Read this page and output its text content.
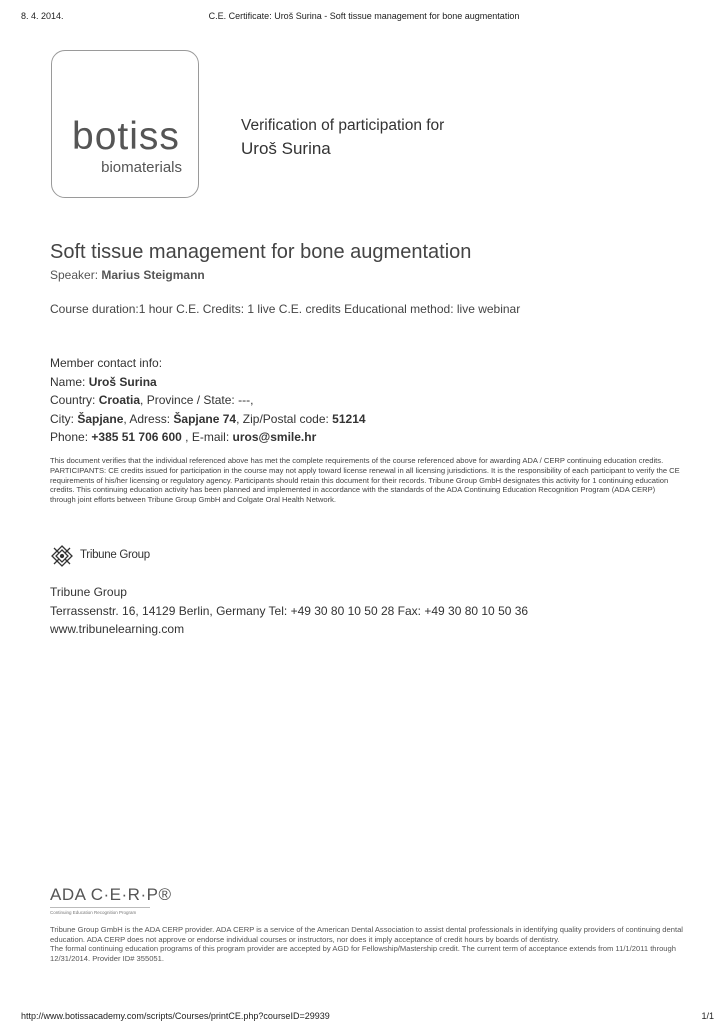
8. 4. 2014.	C.E. Certificate: Uroš Surina - Soft tissue management for bone augmentation
botiss
biomaterials
Verification of participation for
Uroš Surina
Soft tissue management for bone augmentation
Speaker: Marius Steigmann
Course duration:1 hour C.E. Credits: 1 live C.E. credits Educational method: live webinar
Member contact info:
Name: Uroš Surina
Country: Croatia, Province / State: ---,
City: Šapjane, Adress: Šapjane 74, Zip/Postal code: 51214
Phone: +385 51 706 600 , E-mail: uros@smile.hr
This document verifies that the individual referenced above has met the complete requirements of the course referenced above for awarding ADA / CERP continuing education credits. PARTICIPANTS: CE credits issued for participation in the course may not apply toward license renewal in all licensing jurisdictions. It is the responsibility of each participant to verify the CE requirements of his/her licensing or regulatory agency. Participants should retain this document for their records. Tribune Group GmbH designates this activity for 1 continuing education credits. This continuing education activity has been planned and implemented in accordance with the standards of the ADA Continuing Education Recognition Program (ADA CERP) through joint efforts between Tribune Group GmbH and Colgate Oral Health Network.
Tribune Group
Tribune Group
Terrassenstr. 16, 14129 Berlin, Germany Tel: +49 30 80 10 50 28 Fax: +49 30 80 10 50 36
www.tribunelearning.com
ADA C·E·R·P®
Continuing Education Recognition Program
Tribune Group GmbH is the ADA CERP provider. ADA CERP is a service of the American Dental Association to assist dental professionals in identifying quality providers of continuing dental education. ADA CERP does not approve or endorse individual courses or instructors, nor does it imply acceptance of credit hours by boards of dentistry.
The formal continuing education programs of this program provider are accepted by AGD for Fellowship/Mastership credit. The current term of acceptance extends from 11/1/2011 through 12/31/2014. Provider ID# 355051.
http://www.botissacademy.com/scripts/Courses/printCE.php?courseID=29939	1/1
